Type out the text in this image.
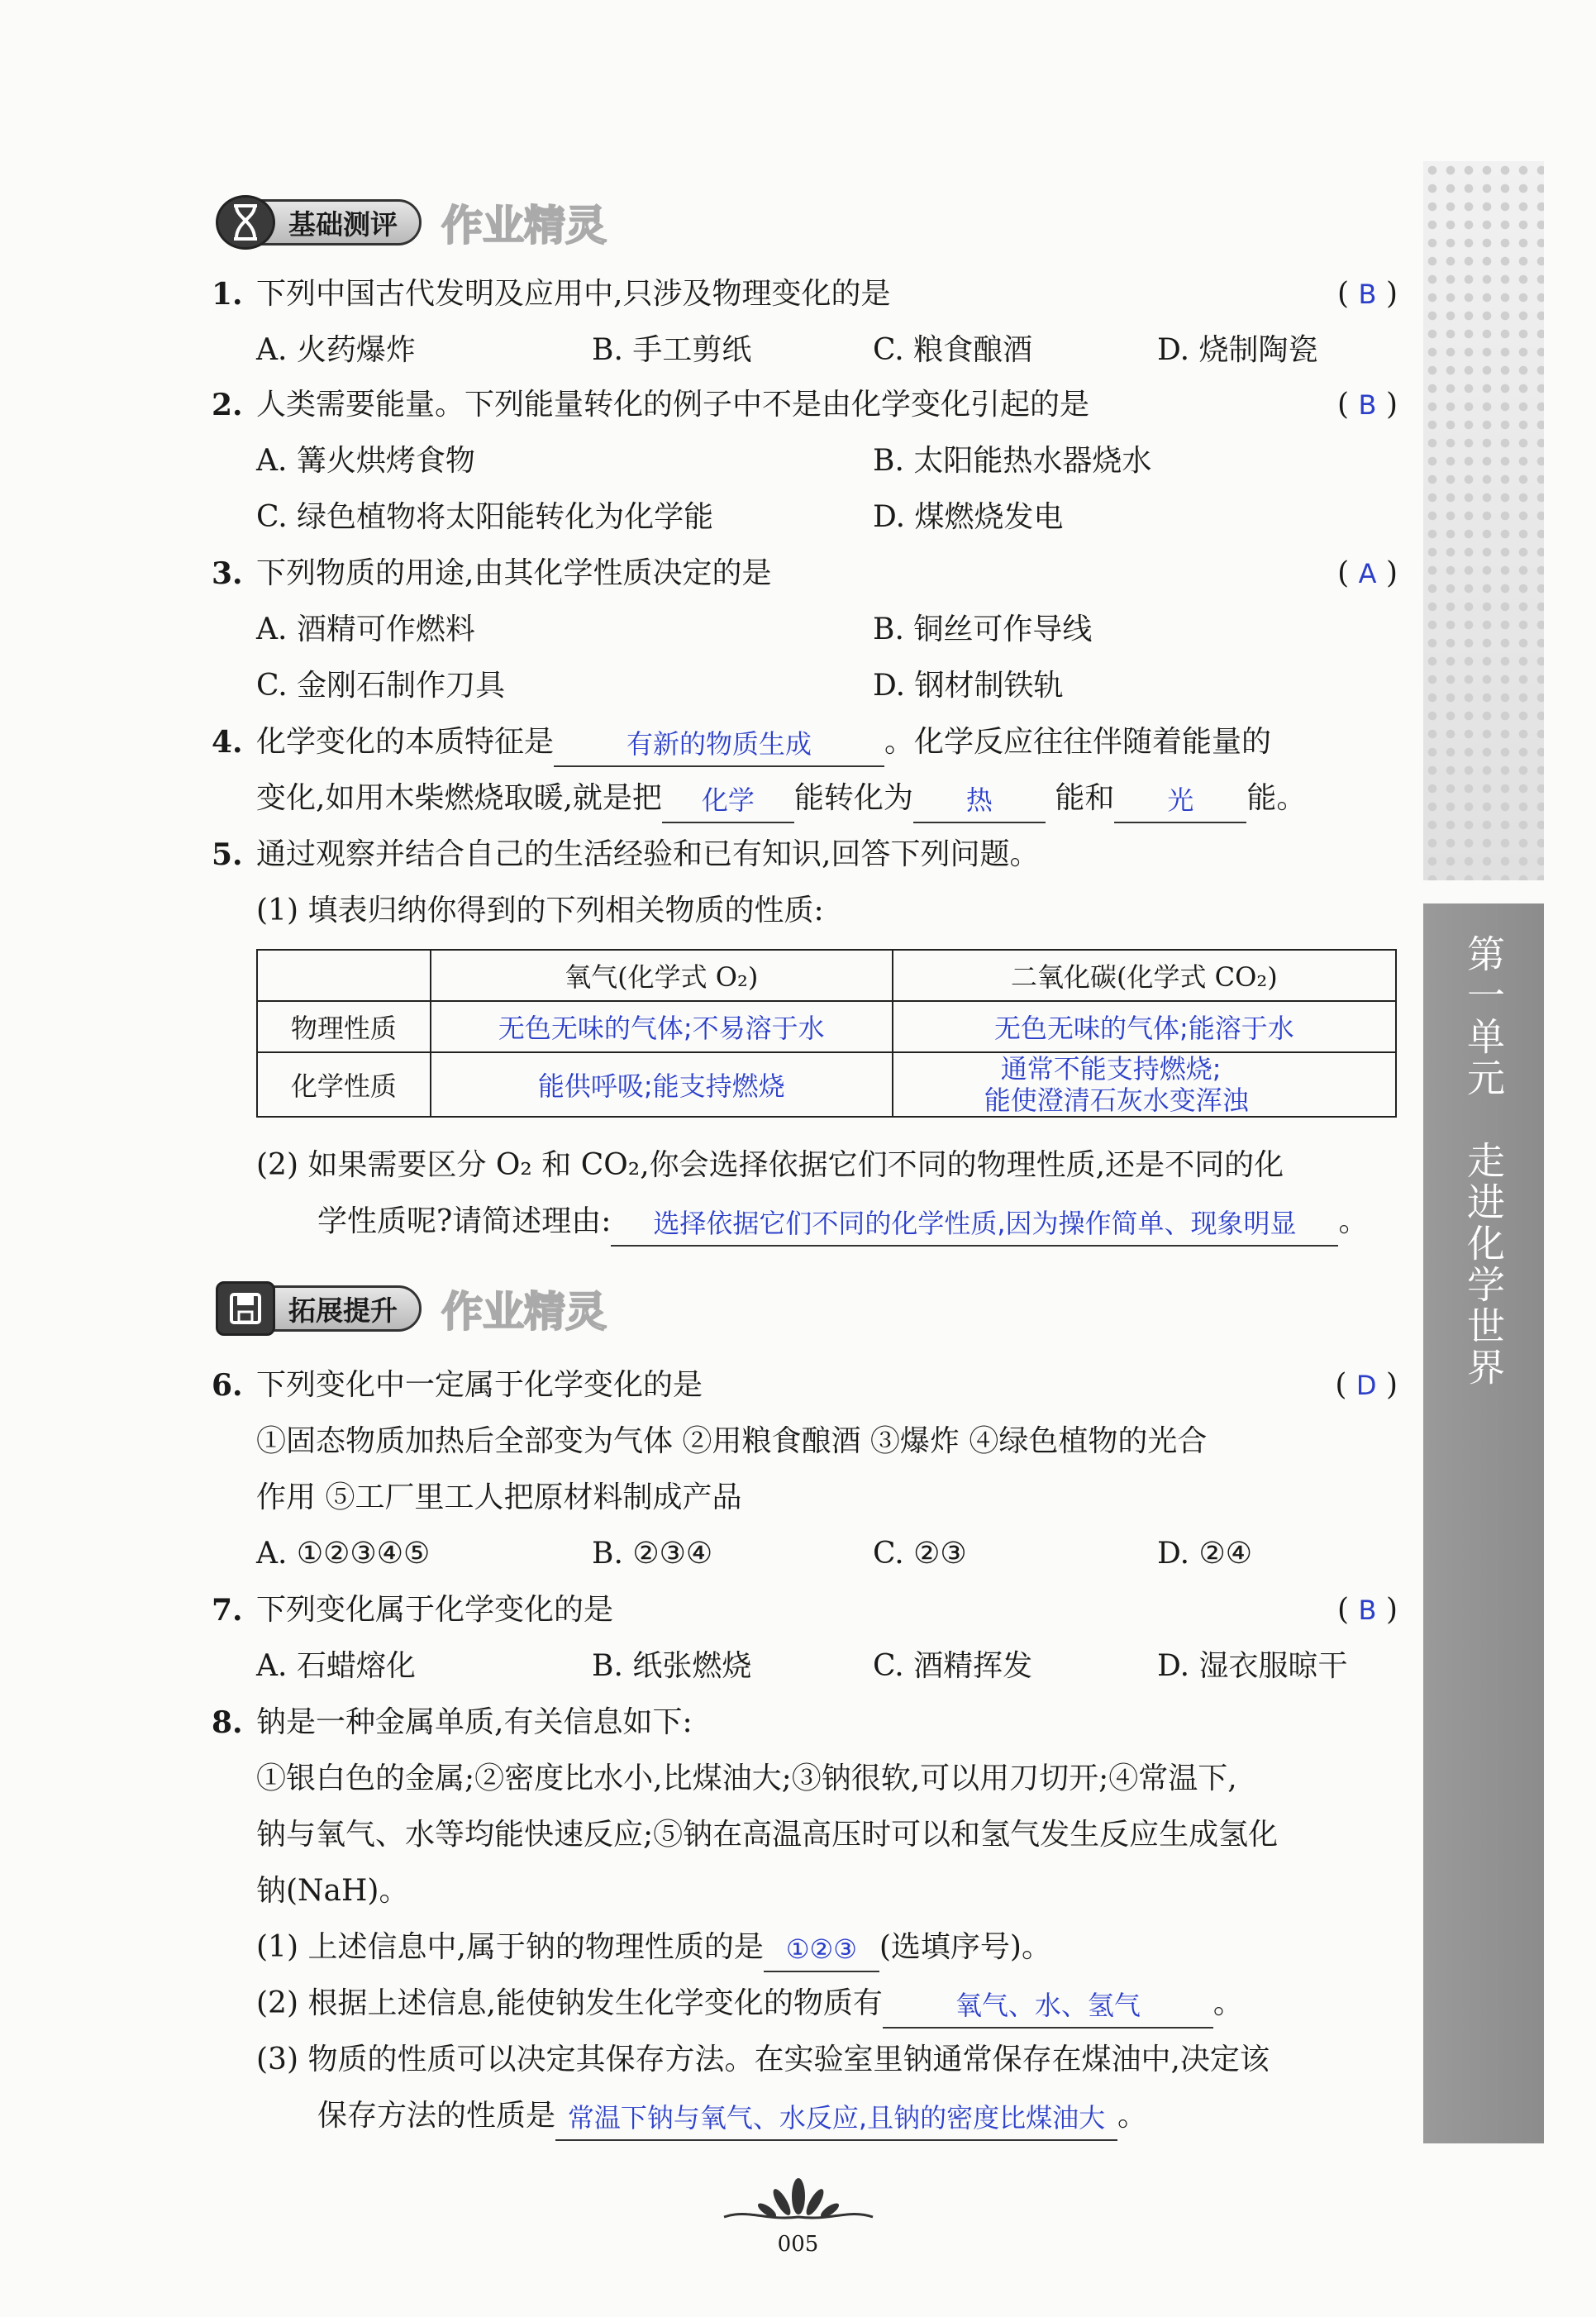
第一单元走进化学世界
基础测评 作业精灵
1. 下列中国古代发明及应用中,只涉及物理变化的是	( B )
A. 火药爆炸	B. 手工剪纸	C. 粮食酿酒	D. 烧制陶瓷
2. 人类需要能量。下列能量转化的例子中不是由化学变化引起的是	( B )
A. 篝火烘烤食物	B. 太阳能热水器烧水
C. 绿色植物将太阳能转化为化学能	D. 煤燃烧发电
3. 下列物质的用途,由其化学性质决定的是	( A )
A. 酒精可作燃料	B. 铜丝可作导线
C. 金刚石制作刀具	D. 钢材制铁轨
4. 化学变化的本质特征是	有新的物质生成 。化学反应往往伴随着能量的
变化,如用木柴燃烧取暖,就是把 化学 能转化为 热 能和 光 能。
5. 通过观察并结合自己的生活经验和已有知识,回答下列问题。
(1) 填表归纳你得到的下列相关物质的性质:
	氧气(化学式 O₂)	二氧化碳(化学式 CO₂)
物理性质	无色无味的气体;不易溶于水	无色无味的气体;能溶于水
化学性质	能供呼吸;能支持燃烧	通常不能支持燃烧;
能使澄清石灰水变浑浊
(2) 如果需要区分 O₂ 和 CO₂,你会选择依据它们不同的物理性质,还是不同的化
学性质呢?请简述理由: 选择依据它们不同的化学性质,因为操作简单、现象明显 。
拓展提升 作业精灵
6. 下列变化中一定属于化学变化的是	( D )
①固态物质加热后全部变为气体 ②用粮食酿酒 ③爆炸 ④绿色植物的光合
作用 ⑤工厂里工人把原材料制成产品
A. ①②③④⑤	B. ②③④	C. ②③	D. ②④
7. 下列变化属于化学变化的是	( B )
A. 石蜡熔化	B. 纸张燃烧	C. 酒精挥发	D. 湿衣服晾干
8. 钠是一种金属单质,有关信息如下:
①银白色的金属;②密度比水小,比煤油大;③钠很软,可以用刀切开;④常温下,
钠与氧气、水等均能快速反应;⑤钠在高温高压时可以和氢气发生反应生成氢化
钠(NaH)。
(1) 上述信息中,属于钠的物理性质的是 ①②③ (选填序号)。
(2) 根据上述信息,能使钠发生化学变化的物质有	氧气、水、氢气 。
(3) 物质的性质可以决定其保存方法。在实验室里钠通常保存在煤油中,决定该
保存方法的性质是 常温下钠与氧气、水反应,且钠的密度比煤油大 。
005
